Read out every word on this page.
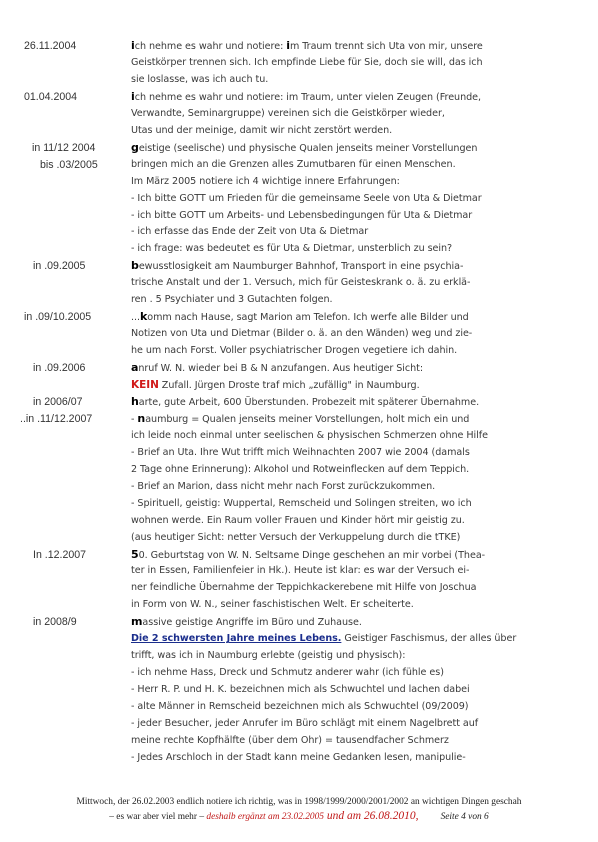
26.11.2004	ich nehme es wahr und notiere: im Traum trennt sich Uta von mir, unsere
Geistkörper trennen sich. Ich empfinde Liebe für Sie, doch sie will, das ich
sie loslasse, was ich auch tu.
01.04.2004	ich nehme es wahr und notiere: im Traum, unter vielen Zeugen (Freunde,
Verwandte, Seminargruppe) vereinen sich die Geistkörper wieder,
Utas und der meinige, damit wir nicht zerstört werden.
in 11/12 2004	geistige (seelische) und physische Qualen jenseits meiner Vorstellungen
bis .03/2005	bringen mich an die Grenzen alles Zumutbaren für einen Menschen.
Im März 2005 notiere ich 4 wichtige innere Erfahrungen:
- Ich bitte GOTT um Frieden für die gemeinsame Seele von Uta & Dietmar
- ich bitte GOTT um Arbeits- und Lebensbedingungen für Uta & Dietmar
- ich erfasse das Ende der Zeit von Uta & Dietmar
- ich frage: was bedeutet es für Uta & Dietmar, unsterblich zu sein?
in .09.2005	bewusstlosigkeit am Naumburger Bahnhof, Transport in eine psychia-
trische Anstalt und der 1. Versuch, mich für Geisteskrank o. ä. zu erklä-
ren . 5 Psychiater und 3 Gutachten folgen.
in .09/10.2005	...komm nach Hause, sagt Marion am Telefon. Ich werfe alle Bilder und
Notizen von Uta und Dietmar (Bilder o. ä. an den Wänden) weg und zie-
he um nach Forst. Voller psychiatrischer Drogen vegetiere ich dahin.
in .09.2006	anruf W. N. wieder bei B & N anzufangen. Aus heutiger Sicht:
KEIN Zufall. Jürgen Droste traf mich „zufällig" in Naumburg.
in 2006/07	harte, gute Arbeit, 600 Überstunden. Probezeit mit späterer Übernahme.
..in .11/12.2007	- naumburg = Qualen jenseits meiner Vorstellungen, holt mich ein und
ich leide noch einmal unter seelischen & physischen Schmerzen ohne Hilfe
- Brief an Uta. Ihre Wut trifft mich Weihnachten 2007 wie 2004 (damals
2 Tage ohne Erinnerung): Alkohol und Rotweinflecken auf dem Teppich.
- Brief an Marion, dass nicht mehr nach Forst zurückzukommen.
- Spirituell, geistig: Wuppertal, Remscheid und Solingen streiten, wo ich
wohnen werde. Ein Raum voller Frauen und Kinder hört mir geistig zu.
(aus heutiger Sicht: netter Versuch der Verkuppelung durch die tTKE)
In .12.2007	50. Geburtstag von W. N. Seltsame Dinge geschehen an mir vorbei (Thea-
ter in Essen, Familienfeier in Hk.). Heute ist klar: es war der Versuch ei-
ner feindliche Übernahme der Teppichkackerebene mit Hilfe von Joschua
in Form von W. N., seiner faschistischen Welt. Er scheiterte.
in 2008/9	massive geistige Angriffe im Büro und Zuhause.
Die 2 schwersten Jahre meines Lebens. Geistiger Faschismus, der alles über
trifft, was ich in Naumburg erlebte (geistig und physisch):
- ich nehme Hass, Dreck und Schmutz anderer wahr (ich fühle es)
- Herr R. P. und H. K. bezeichnen mich als Schwuchtel und lachen dabei
- alte Männer in Remscheid bezeichnen mich als Schwuchtel (09/2009)
- jeder Besucher, jeder Anrufer im Büro schlägt mit einem Nagelbrett auf
meine rechte Kopfhälfte (über dem Ohr) = tausendfacher Schmerz
- Jedes Arschloch in der Stadt kann meine Gedanken lesen, manipulie-
Mittwoch, der 26.02.2003 endlich notiere ich richtig, was in 1998/1999/2000/2001/2002 an wichtigen Dingen geschah
– es war aber viel mehr – deshalb ergänzt am 23.02.2005 und am 26.08.2010, Seite 4 von 6
